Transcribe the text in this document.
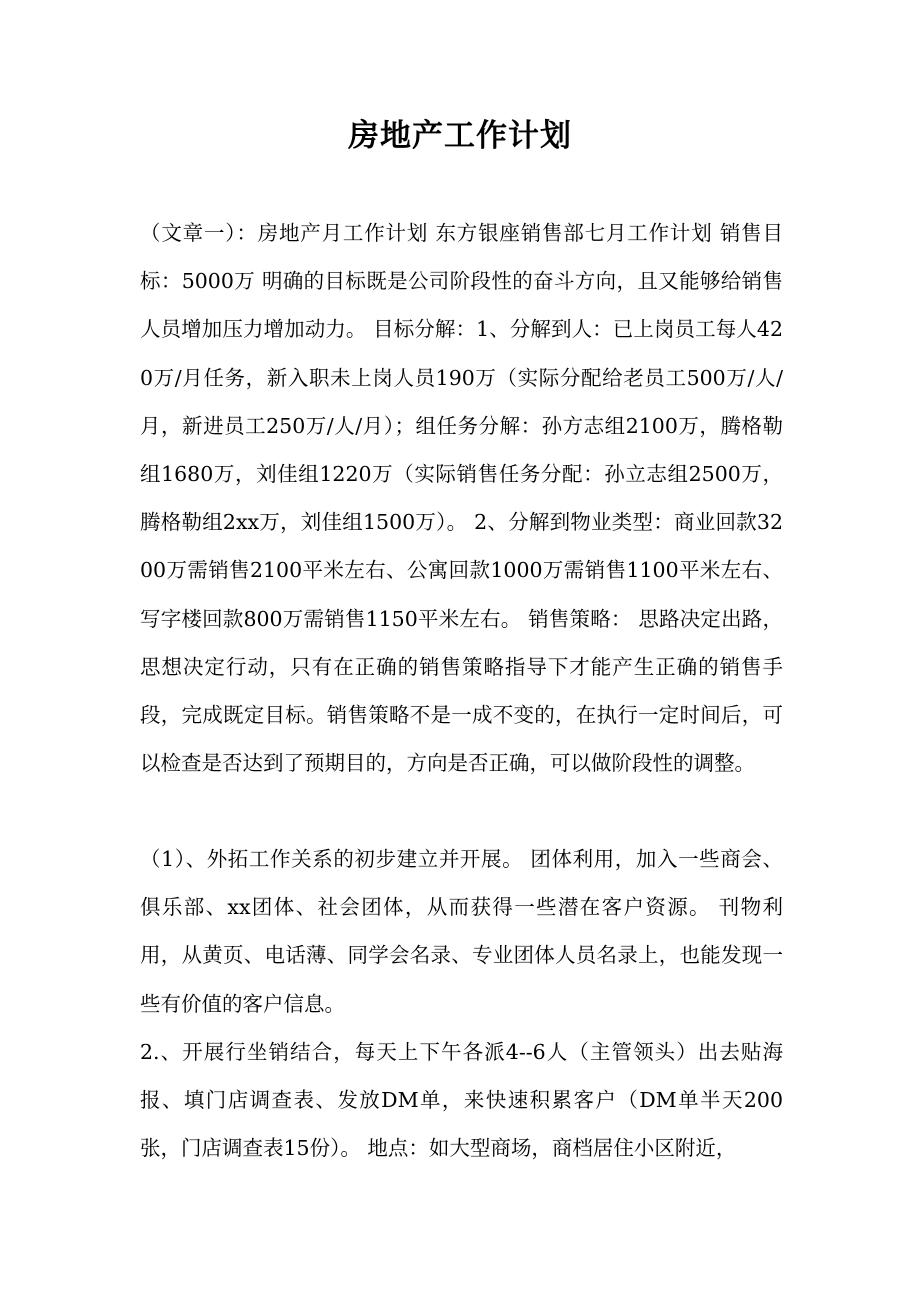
房地产工作计划

（文章一）：房地产月工作计划 东方银座销售部七月工作计划 销售目标：5000万 明确的目标既是公司阶段性的奋斗方向，且又能够给销售人员增加压力增加动力。 目标分解：1、分解到人：已上岗员工每人420万/月任务，新入职未上岗人员190万（实际分配给老员工500万/人/月，新进员工250万/人/月）；组任务分解：孙方志组2100万，腾格勒组1680万，刘佳组1220万（实际销售任务分配：孙立志组2500万，腾格勒组2xx万，刘佳组1500万）。 2、分解到物业类型：商业回款3200万需销售2100平米左右、公寓回款1000万需销售1100平米左右、写字楼回款800万需销售1150平米左右。 销售策略： 思路决定出路，思想决定行动，只有在正确的销售策略指导下才能产生正确的销售手段，完成既定目标。销售策略不是一成不变的，在执行一定时间后，可以检查是否达到了预期目的，方向是否正确，可以做阶段性的调整。

（1）、外拓工作关系的初步建立并开展。 团体利用，加入一些商会、俱乐部、xx团体、社会团体，从而获得一些潜在客户资源。 刊物利用，从黄页、电话薄、同学会名录、专业团体人员名录上，也能发现一些有价值的客户信息。

2.、开展行坐销结合，每天上下午各派4--6人（主管领头）出去贴海报、填门店调查表、发放DM单，来快速积累客户（DM单半天200张，门店调查表15份）。 地点：如大型商场，商档居住小区附近，
